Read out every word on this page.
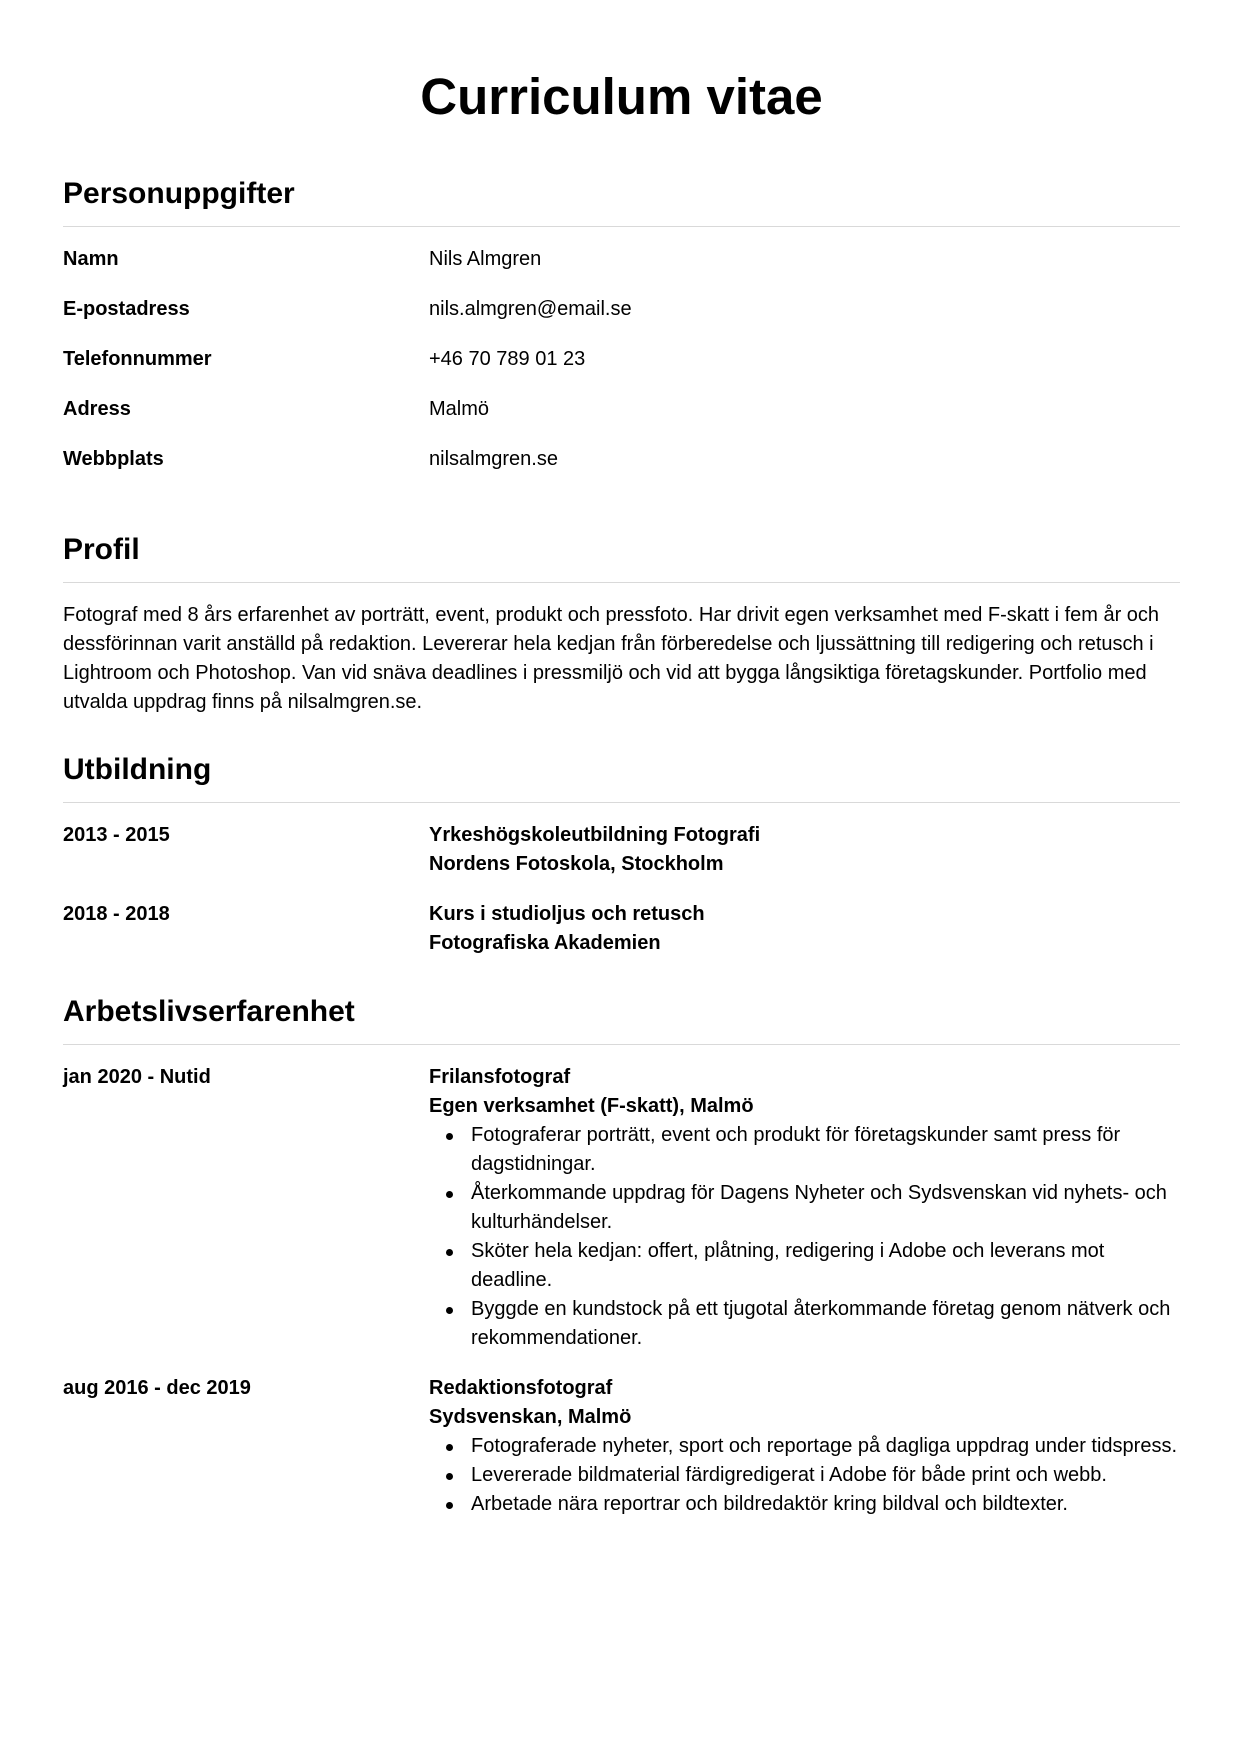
Curriculum vitae
Personuppgifter
Namn	Nils Almgren
E-postadress	nils.almgren@email.se
Telefonnummer	+46 70 789 01 23
Adress	Malmö
Webbplats	nilsalmgren.se
Profil

Fotograf med 8 års erfarenhet av porträtt, event, produkt och pressfoto. Har drivit egen verksamhet med F-skatt i fem år och dessförinnan varit anställd på redaktion. Levererar hela kedjan från förberedelse och ljussättning till redigering och retusch i Lightroom och Photoshop. Van vid snäva deadlines i pressmiljö och vid att bygga långsiktiga företagskunder. Portfolio med utvalda uppdrag finns på nilsalmgren.se.

Utbildning
2013 - 2015	Yrkeshögskoleutbildning Fotografi
Nordens Fotoskola, Stockholm
2018 - 2018	Kurs i studioljus och retusch
Fotografiska Akademien
Arbetslivserfarenhet
jan 2020 - Nutid	Frilansfotograf
Egen verksamhet (F-skatt), Malmö
Fotograferar porträtt, event och produkt för företagskunder samt press för dagstidningar.
Återkommande uppdrag för Dagens Nyheter och Sydsvenskan vid nyhets- och kulturhändelser.
Sköter hela kedjan: offert, plåtning, redigering i Adobe och leverans mot deadline.
Byggde en kundstock på ett tjugotal återkommande företag genom nätverk och rekommendationer.
aug 2016 - dec 2019	Redaktionsfotograf
Sydsvenskan, Malmö
Fotograferade nyheter, sport och reportage på dagliga uppdrag under tidspress.
Levererade bildmaterial färdigredigerat i Adobe för både print och webb.
Arbetade nära reportrar och bildredaktör kring bildval och bildtexter.
